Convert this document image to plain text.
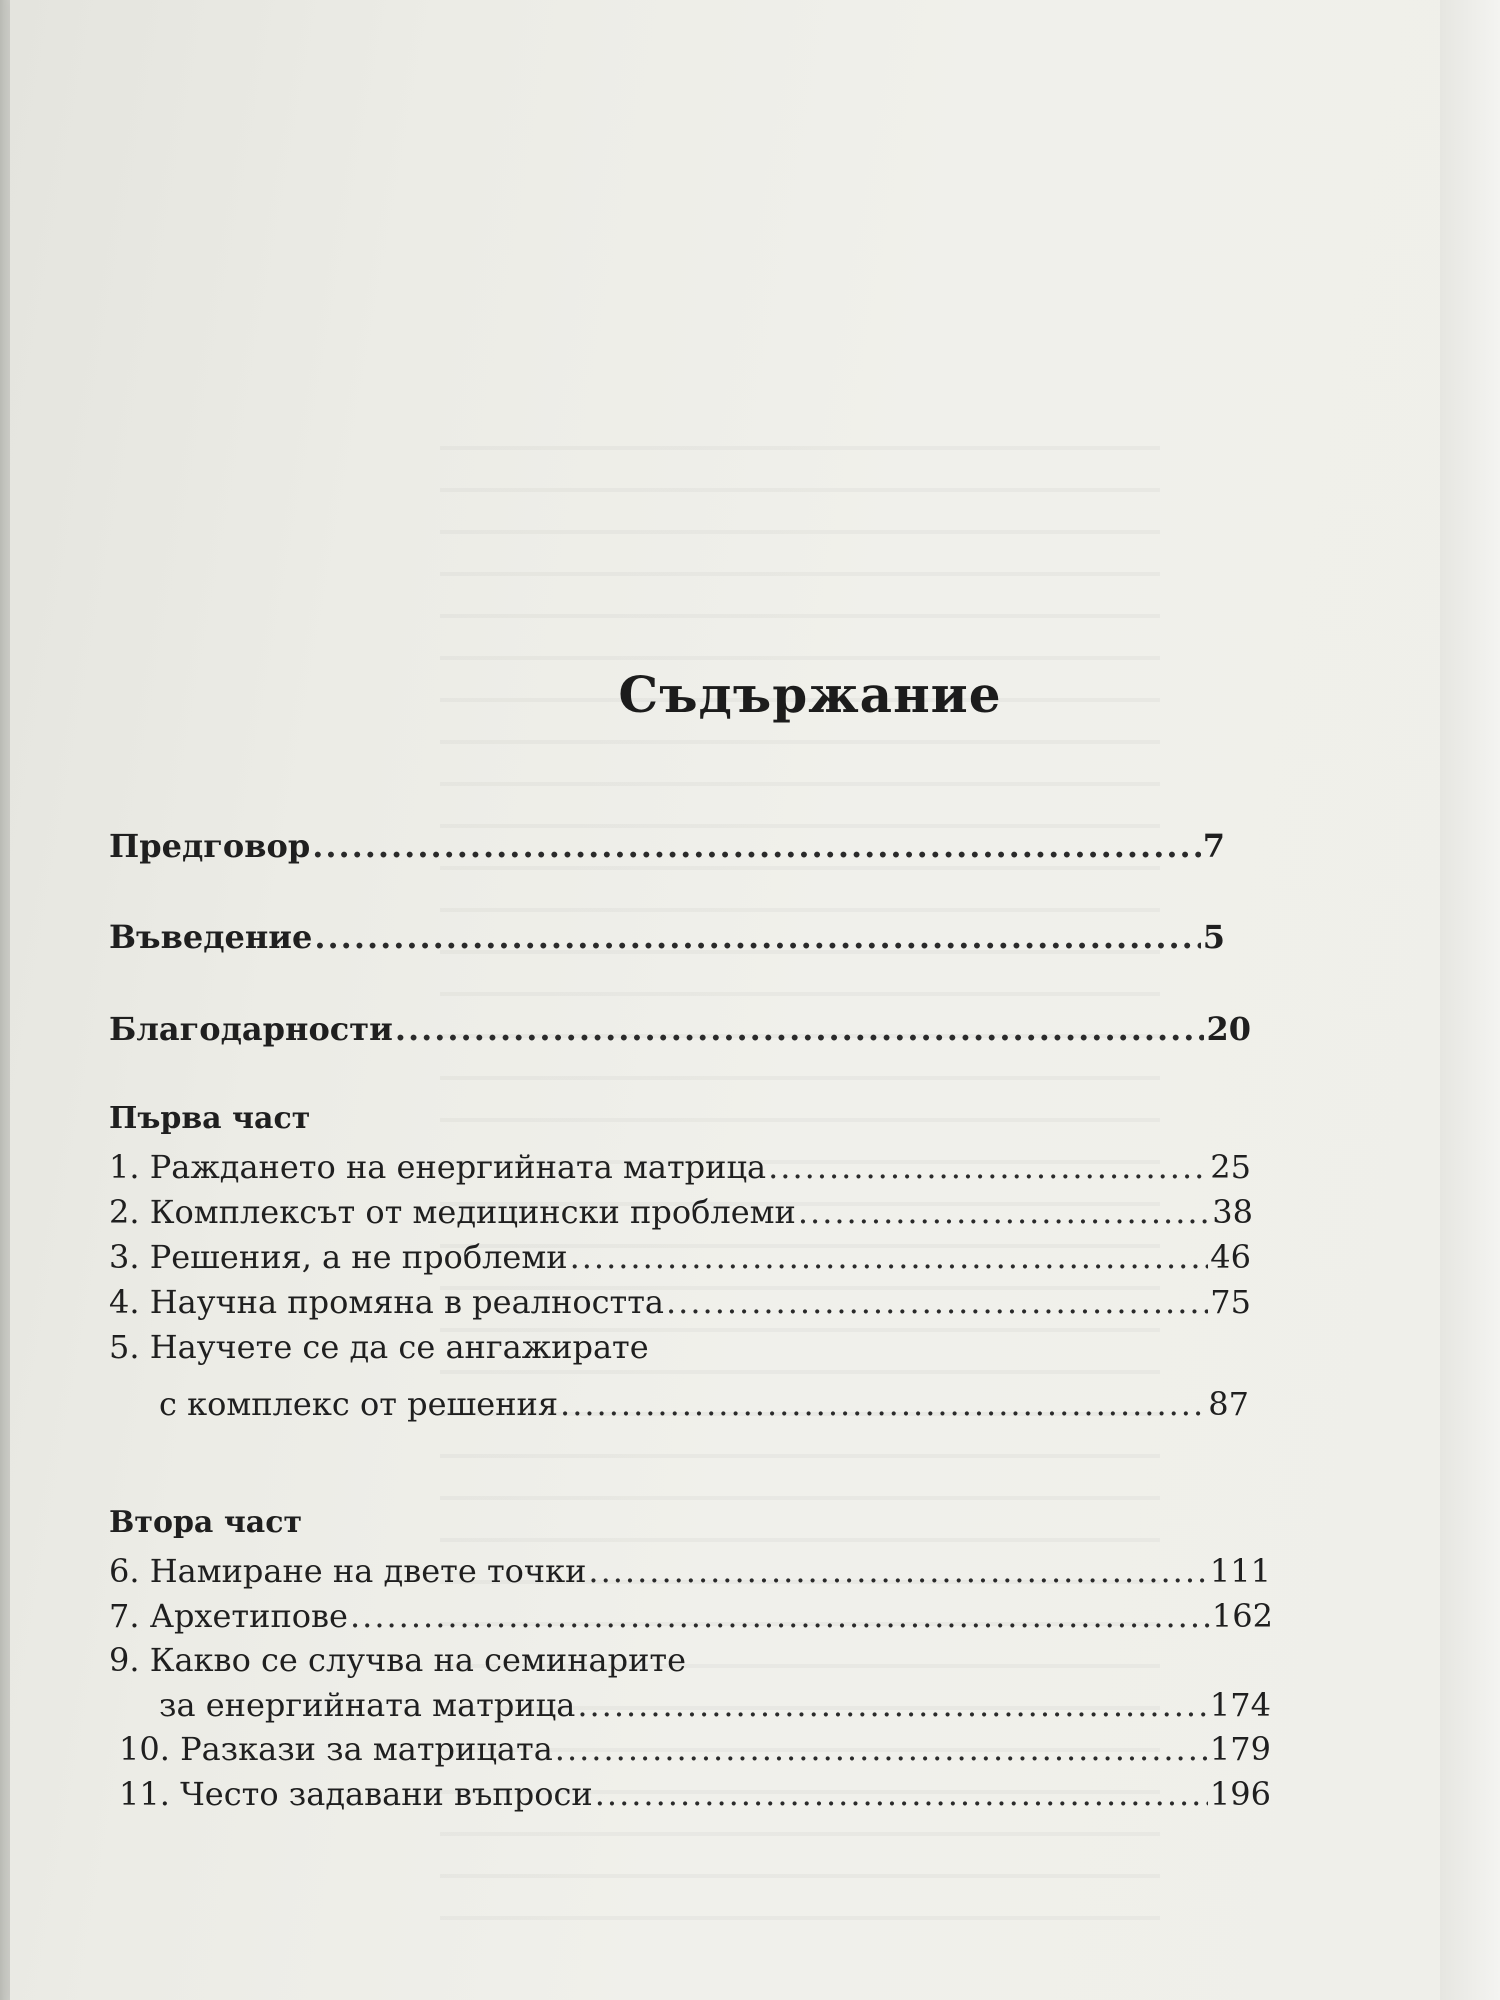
Съдържание
Предговор .....	7
Въведение .....	5
Благодарности .....	20
Първа част
1. Раждането на енергийната матрица .....	25
2. Комплексът от медицински проблеми .....	38
3. Решения, а не проблеми .....	46
4. Научна промяна в реалността .....	75
5. Научете се да се ангажирате
с комплекс от решения .....	87
Втора част
6. Намиране на двете точки .....	111
7. Архетипове .....	162
9. Какво се случва на семинарите
за енергийната матрица .....	174
10. Разкази за матрицата .....	179
11. Често задавани въпроси .....	196
